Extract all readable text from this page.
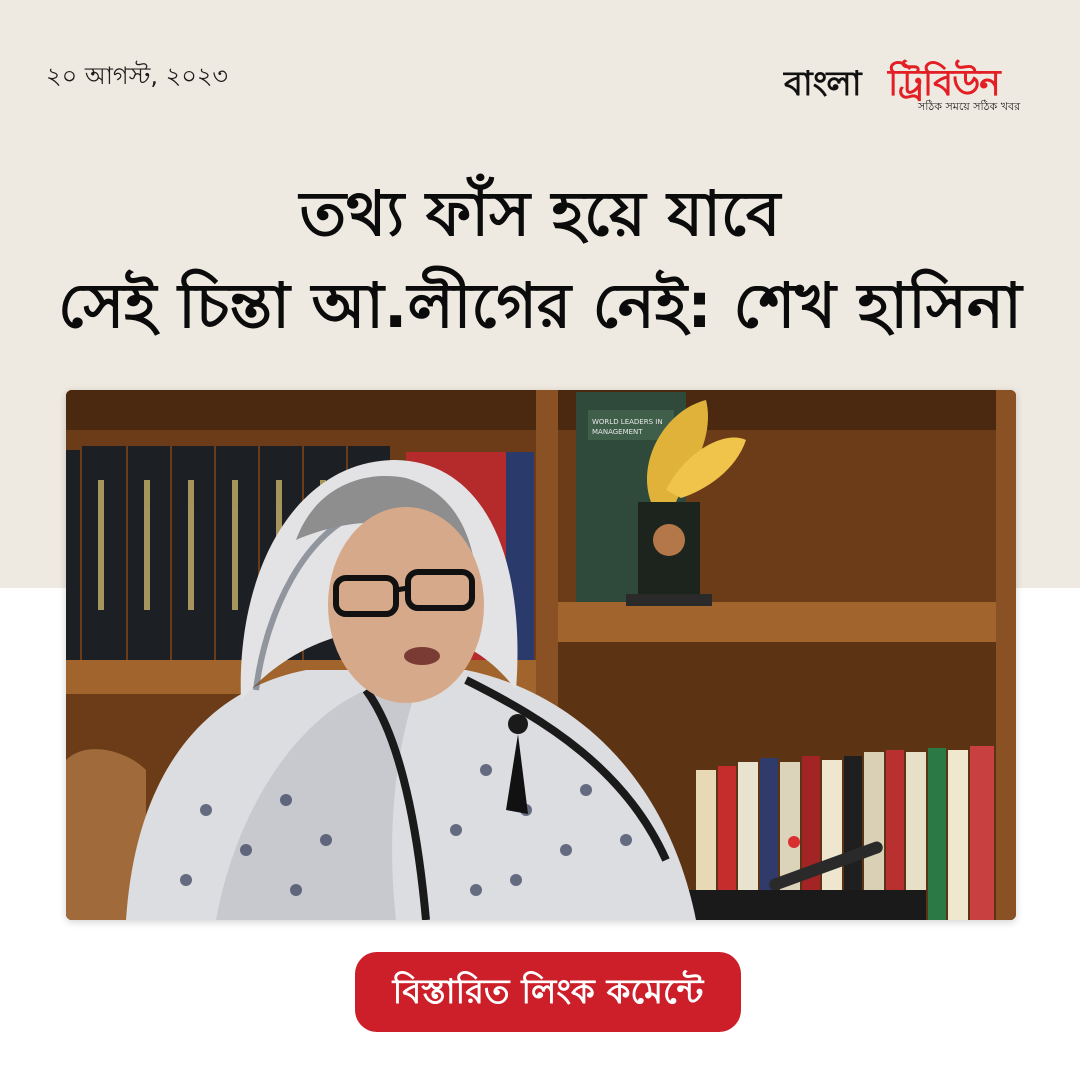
২০ আগস্ট, ২০২৩	বাংলা ট্রিবিউন
সঠিক সময়ে সঠিক খবর
তথ্য ফাঁস হয়ে যাবে
সেই চিন্তা আ.লীগের নেই: শেখ হাসিনা
WORLD LEADERS IN
MANAGEMENT
বিস্তারিত লিংক কমেন্টে
